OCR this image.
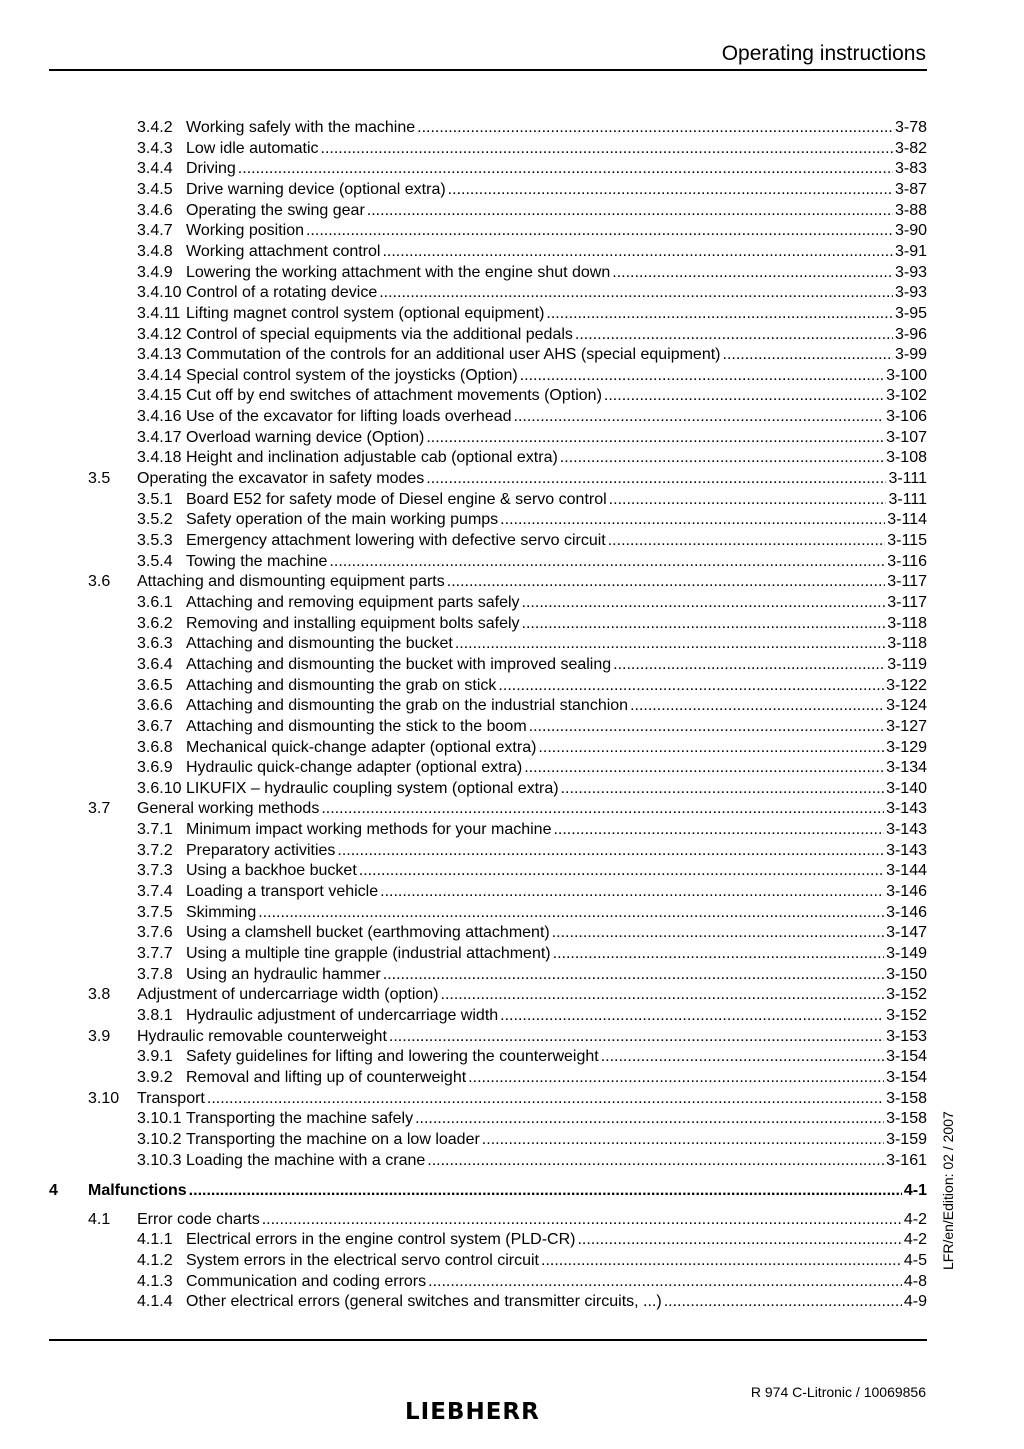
Operating instructions
3.4.2 Working safely with the machine .....	3-78
3.4.3 Low idle automatic .....	3-82
3.4.4 Driving .....	3-83
3.4.5 Drive warning device (optional extra) .....	3-87
3.4.6 Operating the swing gear .....	3-88
3.4.7 Working position .....	3-90
3.4.8 Working attachment control .....	3-91
3.4.9 Lowering the working attachment with the engine shut down .....	3-93
3.4.10 Control of a rotating device .....	3-93
3.4.11 Lifting magnet control system (optional equipment) .....	3-95
3.4.12 Control of special equipments via the additional pedals .....	3-96
3.4.13 Commutation of the controls for an additional user AHS (special equipment) .....	3-99
3.4.14 Special control system of the joysticks (Option) .....	3-100
3.4.15 Cut off by end switches of attachment movements (Option) .....	3-102
3.4.16 Use of the excavator for lifting loads overhead .....	3-106
3.4.17 Overload warning device (Option) .....	3-107
3.4.18 Height and inclination adjustable cab (optional extra) .....	3-108
3.5 Operating the excavator in safety modes .....	3-111
3.5.1 Board E52 for safety mode of Diesel engine & servo control .....	3-111
3.5.2 Safety operation of the main working pumps .....	3-114
3.5.3 Emergency attachment lowering with defective servo circuit .....	3-115
3.5.4 Towing the machine .....	3-116
3.6 Attaching and dismounting equipment parts .....	3-117
3.6.1 Attaching and removing equipment parts safely .....	3-117
3.6.2 Removing and installing equipment bolts safely .....	3-118
3.6.3 Attaching and dismounting the bucket .....	3-118
3.6.4 Attaching and dismounting the bucket with improved sealing .....	3-119
3.6.5 Attaching and dismounting the grab on stick .....	3-122
3.6.6 Attaching and dismounting the grab on the industrial stanchion .....	3-124
3.6.7 Attaching and dismounting the stick to the boom .....	3-127
3.6.8 Mechanical quick-change adapter (optional extra) .....	3-129
3.6.9 Hydraulic quick-change adapter (optional extra) .....	3-134
3.6.10 LIKUFIX – hydraulic coupling system (optional extra) .....	3-140
3.7 General working methods .....	3-143
3.7.1 Minimum impact working methods for your machine .....	3-143
3.7.2 Preparatory activities .....	3-143
3.7.3 Using a backhoe bucket .....	3-144
3.7.4 Loading a transport vehicle .....	3-146
3.7.5 Skimming .....	3-146
3.7.6 Using a clamshell bucket (earthmoving attachment) .....	3-147
3.7.7 Using a multiple tine grapple (industrial attachment) .....	3-149
3.7.8 Using an hydraulic hammer .....	3-150
3.8 Adjustment of undercarriage width (option) .....	3-152
3.8.1 Hydraulic adjustment of undercarriage width .....	3-152
3.9 Hydraulic removable counterweight .....	3-153
3.9.1 Safety guidelines for lifting and lowering the counterweight .....	3-154
3.9.2 Removal and lifting up of counterweight .....	3-154
3.10 Transport .....	3-158
3.10.1 Transporting the machine safely .....	3-158
3.10.2 Transporting the machine on a low loader .....	3-159
3.10.3 Loading the machine with a crane .....	3-161
4 Malfunctions .....	4-1
4.1 Error code charts .....	4-2
4.1.1 Electrical errors in the engine control system (PLD-CR) .....	4-2
4.1.2 System errors in the electrical servo control circuit .....	4-5
4.1.3 Communication and coding errors .....	4-8
4.1.4 Other electrical errors (general switches and transmitter circuits, ...) .....	4-9
LFR/en/Edition: 02 / 2007
R 974 C-Litronic / 10069856
LIEBHERR
